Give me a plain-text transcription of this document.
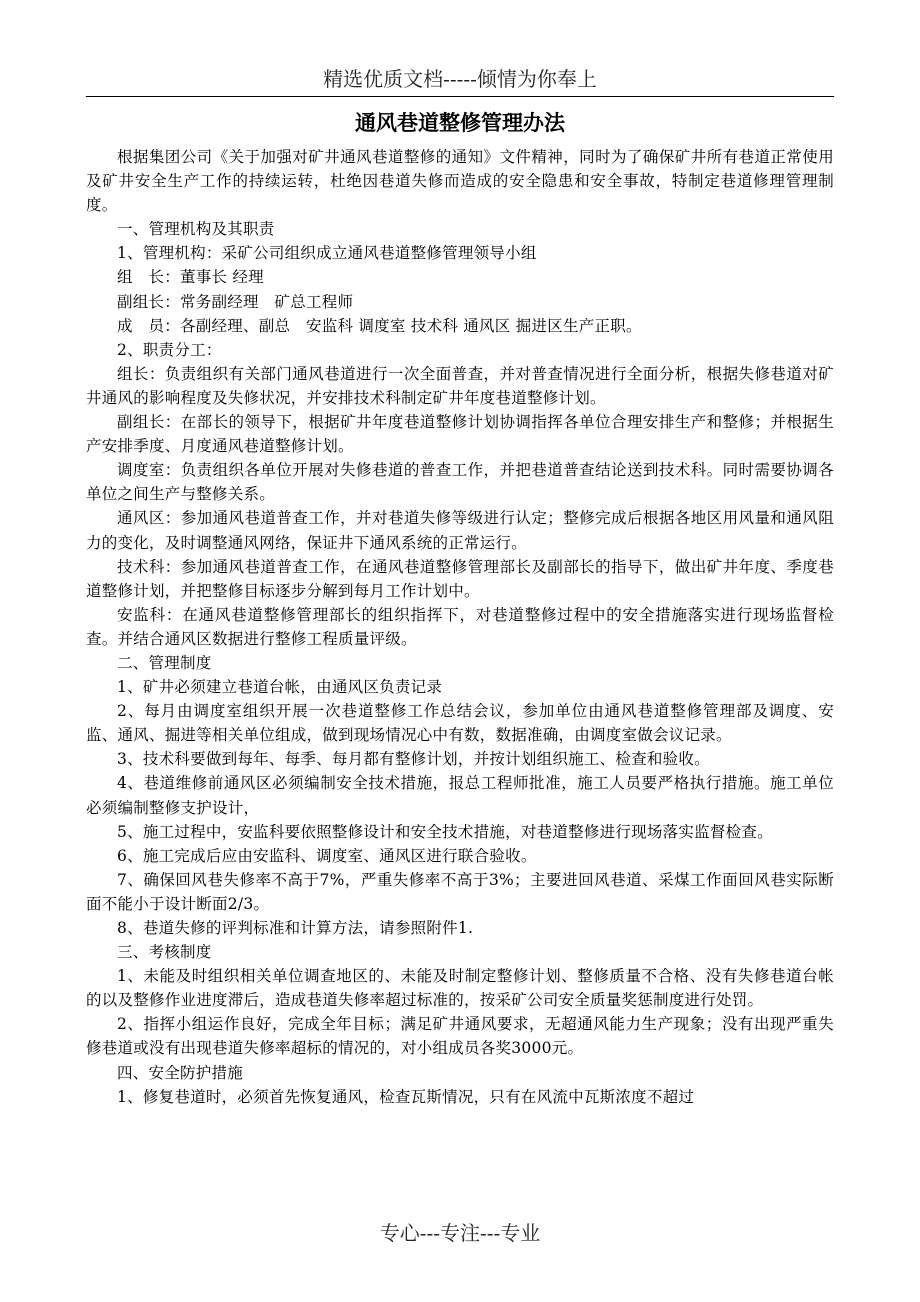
精选优质文档-----倾情为你奉上
通风巷道整修管理办法

根据集团公司《关于加强对矿井通风巷道整修的通知》文件精神，同时为了确保矿井所有巷道正常使用及矿井安全生产工作的持续运转，杜绝因巷道失修而造成的安全隐患和安全事故，特制定巷道修理管理制度。

一、管理机构及其职责

1、管理机构：采矿公司组织成立通风巷道整修管理领导小组

组　长：董事长 经理

副组长：常务副经理　矿总工程师

成　员：各副经理、副总　安监科 调度室 技术科 通风区 掘进区生产正职。

2、职责分工：

组长：负责组织有关部门通风巷道进行一次全面普查，并对普查情况进行全面分析，根据失修巷道对矿井通风的影响程度及失修状况，并安排技术科制定矿井年度巷道整修计划。

副组长：在部长的领导下，根据矿井年度巷道整修计划协调指挥各单位合理安排生产和整修；并根据生产安排季度、月度通风巷道整修计划。

调度室：负责组织各单位开展对失修巷道的普查工作，并把巷道普查结论送到技术科。同时需要协调各单位之间生产与整修关系。

通风区：参加通风巷道普查工作，并对巷道失修等级进行认定；整修完成后根据各地区用风量和通风阻力的变化，及时调整通风网络，保证井下通风系统的正常运行。

技术科：参加通风巷道普查工作，在通风巷道整修管理部长及副部长的指导下，做出矿井年度、季度巷道整修计划，并把整修目标逐步分解到每月工作计划中。

安监科：在通风巷道整修管理部长的组织指挥下，对巷道整修过程中的安全措施落实进行现场监督检查。并结合通风区数据进行整修工程质量评级。

二、管理制度

1、矿井必须建立巷道台帐，由通风区负责记录

2、每月由调度室组织开展一次巷道整修工作总结会议，参加单位由通风巷道整修管理部及调度、安监、通风、掘进等相关单位组成，做到现场情况心中有数，数据准确，由调度室做会议记录。

3、技术科要做到每年、每季、每月都有整修计划，并按计划组织施工、检查和验收。

4、巷道维修前通风区必须编制安全技术措施，报总工程师批准，施工人员要严格执行措施。施工单位必须编制整修支护设计，

5、施工过程中，安监科要依照整修设计和安全技术措施，对巷道整修进行现场落实监督检查。

6、施工完成后应由安监科、调度室、通风区进行联合验收。

7、确保回风巷失修率不高于7%，严重失修率不高于3%；主要进回风巷道、采煤工作面回风巷实际断面不能小于设计断面2/3。

8、巷道失修的评判标准和计算方法，请参照附件1.

三、考核制度

1、未能及时组织相关单位调查地区的、未能及时制定整修计划、整修质量不合格、没有失修巷道台帐的以及整修作业进度滞后，造成巷道失修率超过标准的，按采矿公司安全质量奖惩制度进行处罚。

2、指挥小组运作良好，完成全年目标；满足矿井通风要求，无超通风能力生产现象；没有出现严重失修巷道或没有出现巷道失修率超标的情况的，对小组成员各奖3000元。

四、安全防护措施

1、修复巷道时，必须首先恢复通风，检查瓦斯情况，只有在风流中瓦斯浓度不超过

专心---专注---专业
